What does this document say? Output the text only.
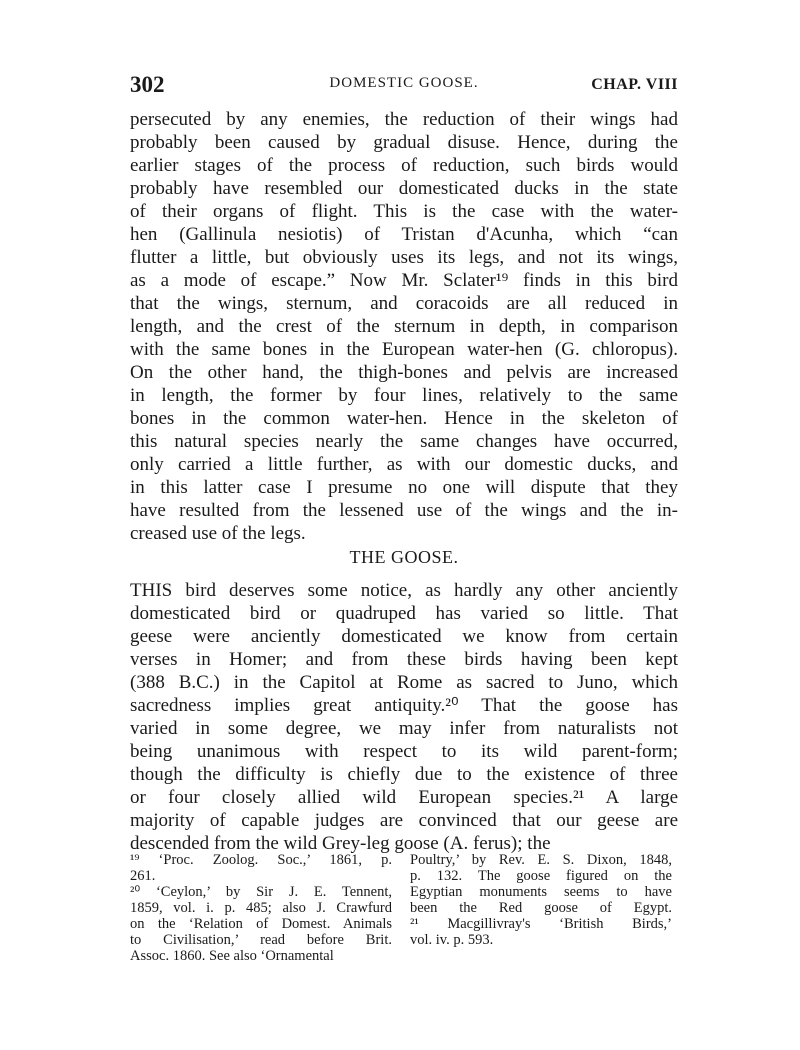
302	DOMESTIC GOOSE.	CHAP. VIII
persecuted by any enemies, the reduction of their wings had
probably been caused by gradual disuse. Hence, during the
earlier stages of the process of reduction, such birds would
probably have resembled our domesticated ducks in the state
of their organs of flight. This is the case with the water-
hen (Gallinula nesiotis) of Tristan d'Acunha, which “can
flutter a little, but obviously uses its legs, and not its wings,
as a mode of escape.” Now Mr. Sclater¹⁹ finds in this bird
that the wings, sternum, and coracoids are all reduced in
length, and the crest of the sternum in depth, in comparison
with the same bones in the European water-hen (G. chloropus).
On the other hand, the thigh-bones and pelvis are increased
in length, the former by four lines, relatively to the same
bones in the common water-hen. Hence in the skeleton of
this natural species nearly the same changes have occurred,
only carried a little further, as with our domestic ducks, and
in this latter case I presume no one will dispute that they
have resulted from the lessened use of the wings and the in-
creased use of the legs.
THE GOOSE.
THIS bird deserves some notice, as hardly any other anciently
domesticated bird or quadruped has varied so little. That
geese were anciently domesticated we know from certain
verses in Homer; and from these birds having been kept
(388 B.C.) in the Capitol at Rome as sacred to Juno, which
sacredness implies great antiquity.²⁰ That the goose has
varied in some degree, we may infer from naturalists not
being unanimous with respect to its wild parent-form;
though the difficulty is chiefly due to the existence of three
or four closely allied wild European species.²¹ A large
majority of capable judges are convinced that our geese are
descended from the wild Grey-leg goose (A. ferus); the
¹⁹ ‘Proc. Zoolog. Soc.,’ 1861, p.
261.
²⁰ ‘Ceylon,’ by Sir J. E. Tennent,
1859, vol. i. p. 485; also J. Crawfurd
on the ‘Relation of Domest. Animals
to Civilisation,’ read before Brit.
Assoc. 1860. See also ‘Ornamental
Poultry,’ by Rev. E. S. Dixon, 1848,
p. 132. The goose figured on the
Egyptian monuments seems to have
been the Red goose of Egypt.
²¹ Macgillivray's ‘British Birds,’
vol. iv. p. 593.
